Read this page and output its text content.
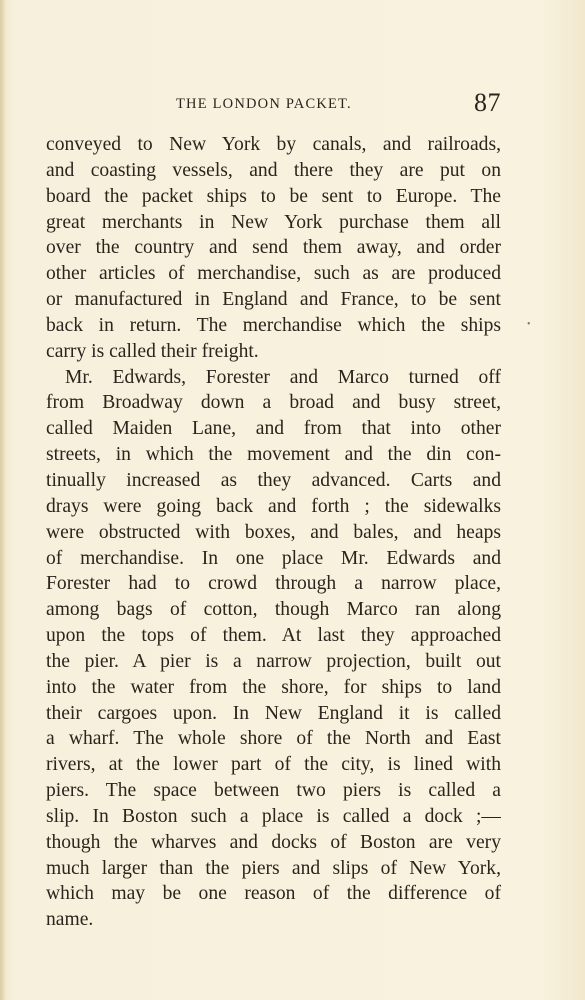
THE LONDON PACKET.	87
conveyed to New York by canals, and railroads,
and coasting vessels, and there they are put on
board the packet ships to be sent to Europe. The
great merchants in New York purchase them all
over the country and send them away, and order
other articles of merchandise, such as are produced
or manufactured in England and France, to be sent
back in return. The merchandise which the ships
carry is called their freight.
Mr. Edwards, Forester and Marco turned off
from Broadway down a broad and busy street,
called Maiden Lane, and from that into other
streets, in which the movement and the din con-
tinually increased as they advanced. Carts and
drays were going back and forth ; the sidewalks
were obstructed with boxes, and bales, and heaps
of merchandise. In one place Mr. Edwards and
Forester had to crowd through a narrow place,
among bags of cotton, though Marco ran along
upon the tops of them. At last they approached
the pier. A pier is a narrow projection, built out
into the water from the shore, for ships to land
their cargoes upon. In New England it is called
a wharf. The whole shore of the North and East
rivers, at the lower part of the city, is lined with
piers. The space between two piers is called a
slip. In Boston such a place is called a dock ;—
though the wharves and docks of Boston are very
much larger than the piers and slips of New York,
which may be one reason of the difference of
name.
•
